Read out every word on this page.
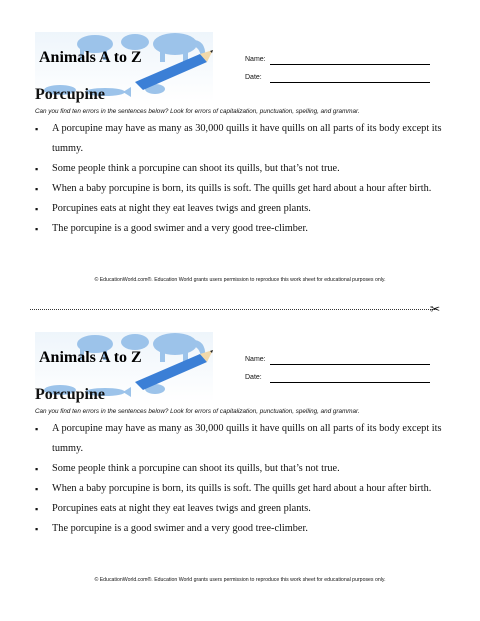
Animals A to Z	Name:
Date:
Porcupine
Can you find ten errors in the sentences below? Look for errors of capitalization, punctuation, spelling, and grammar.
▪ A porcupine may have as many as 30,000 quills it have quills on all parts of its body except its tummy.
▪ Some people think a porcupine can shoot its quills, but that’s not true.
▪ When a baby porcupine is born, its quills is soft. The quills get hard about a hour after birth.
▪ Porcupines eats at night they eat leaves twigs and green plants.
▪ The porcupine is a good swimer and a very good tree-climber.
© EducationWorld.com®. Education World grants users permission to reproduce this work sheet for educational purposes only.
✂
Animals A to Z	Name:
Date:
Porcupine
Can you find ten errors in the sentences below? Look for errors of capitalization, punctuation, spelling, and grammar.
▪ A porcupine may have as many as 30,000 quills it have quills on all parts of its body except its tummy.
▪ Some people think a porcupine can shoot its quills, but that’s not true.
▪ When a baby porcupine is born, its quills is soft. The quills get hard about a hour after birth.
▪ Porcupines eats at night they eat leaves twigs and green plants.
▪ The porcupine is a good swimer and a very good tree-climber.
© EducationWorld.com®. Education World grants users permission to reproduce this work sheet for educational purposes only.
